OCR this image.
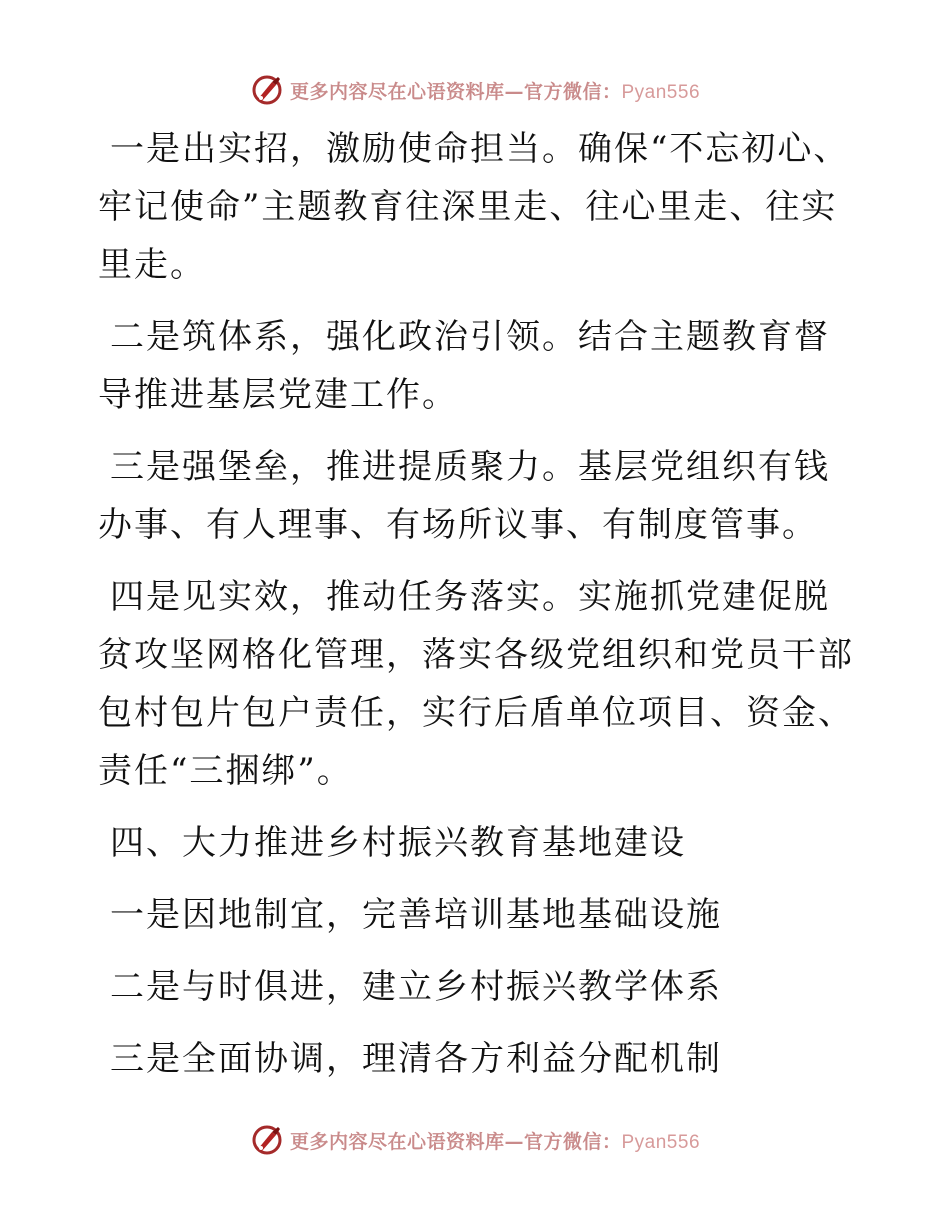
更多内容尽在心语资料库—官方微信：Pyan556

一是出实招，激励使命担当。确保“不忘初心、牢记使命”主题教育往深里走、往心里走、往实里走。

二是筑体系，强化政治引领。结合主题教育督导推进基层党建工作。

三是强堡垒，推进提质聚力。基层党组织有钱办事、有人理事、有场所议事、有制度管事。

四是见实效，推动任务落实。实施抓党建促脱贫攻坚网格化管理，落实各级党组织和党员干部包村包片包户责任，实行后盾单位项目、资金、责任“三捆绑”。

四、大力推进乡村振兴教育基地建设

一是因地制宜，完善培训基地基础设施

二是与时俱进，建立乡村振兴教学体系

三是全面协调，理清各方利益分配机制

更多内容尽在心语资料库—官方微信：Pyan556
